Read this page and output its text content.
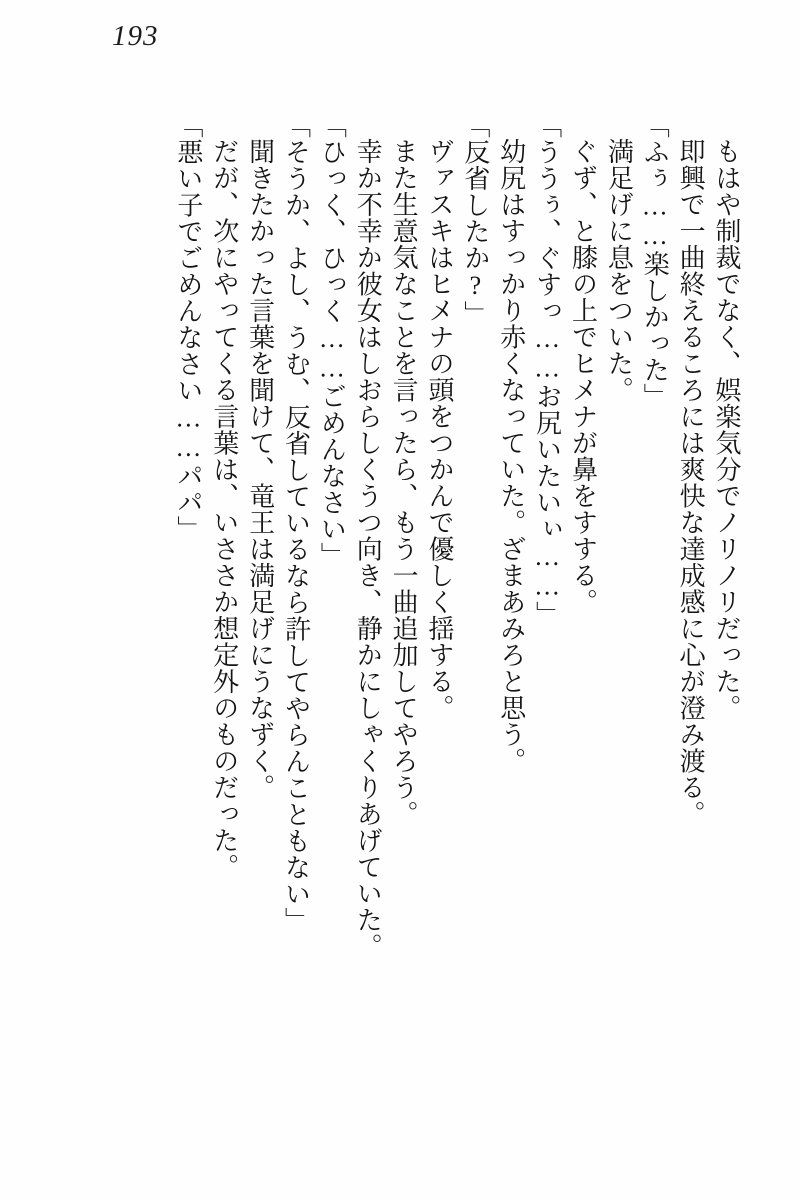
193

もはや制裁でなく、娯楽気分でノリノリだった。

即興で一曲終えるころには爽快な達成感に心が澄み渡る。

「ふぅ……楽しかった」

満足げに息をついた。

ぐず、と膝の上でヒメナが鼻をすする。

「ううぅ、ぐすっ……お尻いたいぃ……」

幼尻はすっかり赤くなっていた。ざまあみろと思う。

「反省したか?」

ヴァスキはヒメナの頭をつかんで優しく揺する。

また生意気なことを言ったら、もう一曲追加してやろう。

幸か不幸か彼女はしおらしくうつ向き、静かにしゃくりあげていた。

「ひっく、ひっく……ごめんなさい」

「そうか、よし、うむ、反省しているなら許してやらんこともない」

聞きたかった言葉を聞けて、竜王は満足げにうなずく。

だが、次にやってくる言葉は、いささか想定外のものだった。

「悪い子でごめんなさい……パパ」
